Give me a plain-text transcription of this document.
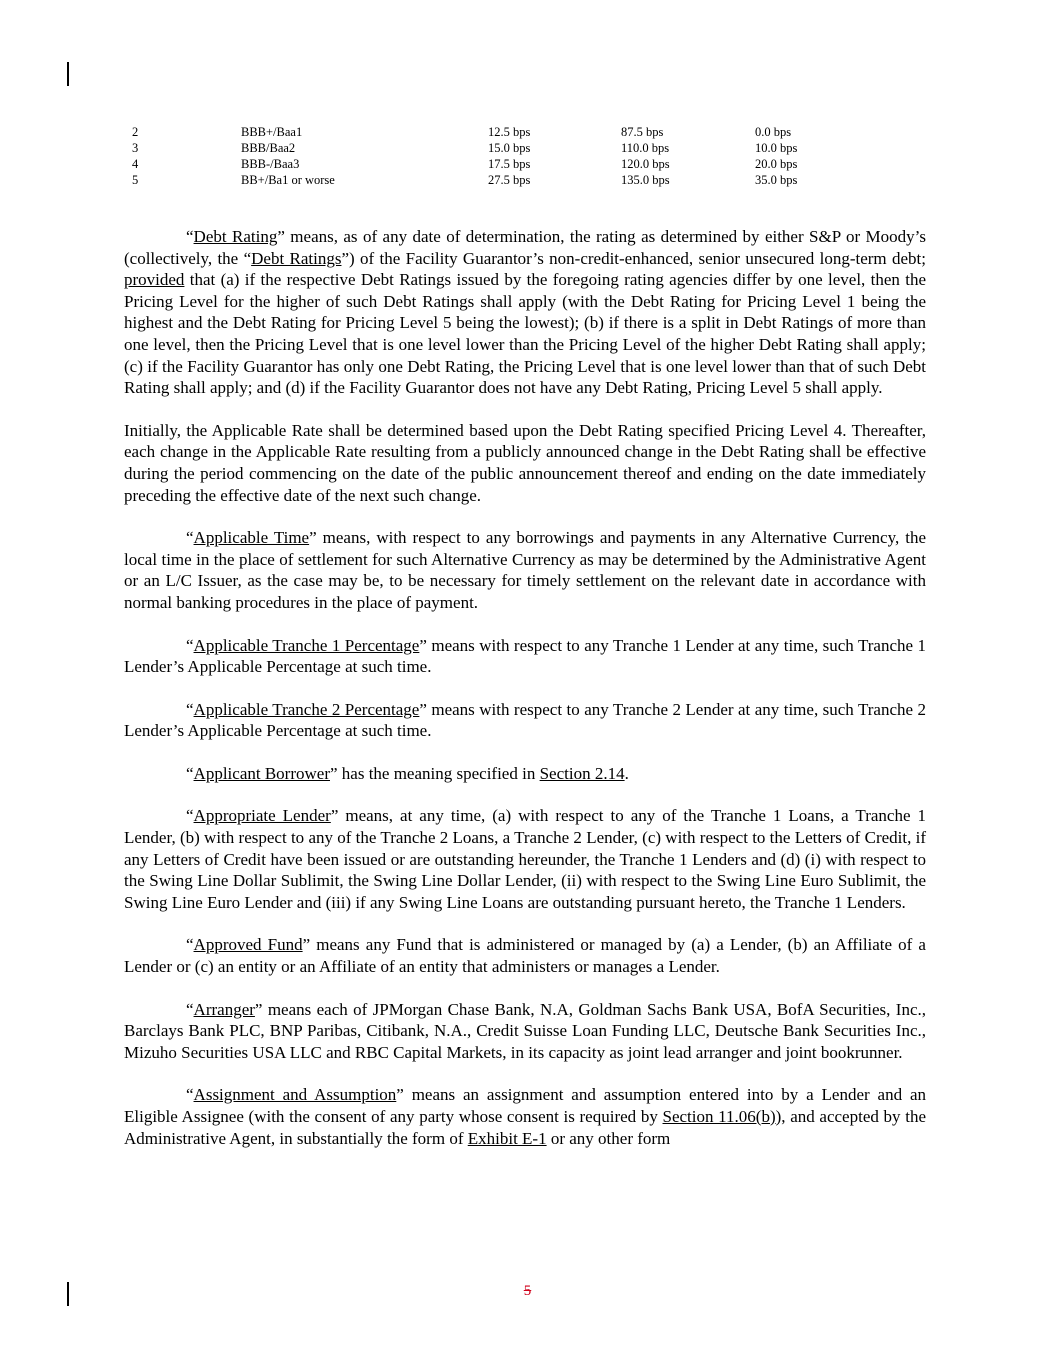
2	BBB+/Baa1	12.5 bps	87.5 bps	0.0 bps
3	BBB/Baa2	15.0 bps	110.0 bps	10.0 bps
4	BBB-/Baa3	17.5 bps	120.0 bps	20.0 bps
5	BB+/Ba1 or worse	27.5 bps	135.0 bps	35.0 bps

“Debt Rating” means, as of any date of determination, the rating as determined by either S&P or Moody’s (collectively, the “Debt Ratings”) of the Facility Guarantor’s non-credit-enhanced, senior unsecured long-term debt; provided that (a) if the respective Debt Ratings issued by the foregoing rating agencies differ by one level, then the Pricing Level for the higher of such Debt Ratings shall apply (with the Debt Rating for Pricing Level 1 being the highest and the Debt Rating for Pricing Level 5 being the lowest); (b) if there is a split in Debt Ratings of more than one level, then the Pricing Level that is one level lower than the Pricing Level of the higher Debt Rating shall apply; (c) if the Facility Guarantor has only one Debt Rating, the Pricing Level that is one level lower than that of such Debt Rating shall apply; and (d) if the Facility Guarantor does not have any Debt Rating, Pricing Level 5 shall apply.

Initially, the Applicable Rate shall be determined based upon the Debt Rating specified Pricing Level 4. Thereafter, each change in the Applicable Rate resulting from a publicly announced change in the Debt Rating shall be effective during the period commencing on the date of the public announcement thereof and ending on the date immediately preceding the effective date of the next such change.

“Applicable Time” means, with respect to any borrowings and payments in any Alternative Currency, the local time in the place of settlement for such Alternative Currency as may be determined by the Administrative Agent or an L/C Issuer, as the case may be, to be necessary for timely settlement on the relevant date in accordance with normal banking procedures in the place of payment.

“Applicable Tranche 1 Percentage” means with respect to any Tranche 1 Lender at any time, such Tranche 1 Lender’s Applicable Percentage at such time.

“Applicable Tranche 2 Percentage” means with respect to any Tranche 2 Lender at any time, such Tranche 2 Lender’s Applicable Percentage at such time.

“Applicant Borrower” has the meaning specified in Section 2.14.

“Appropriate Lender” means, at any time, (a) with respect to any of the Tranche 1 Loans, a Tranche 1 Lender, (b) with respect to any of the Tranche 2 Loans, a Tranche 2 Lender, (c) with respect to the Letters of Credit, if any Letters of Credit have been issued or are outstanding hereunder, the Tranche 1 Lenders and (d) (i) with respect to the Swing Line Dollar Sublimit, the Swing Line Dollar Lender, (ii) with respect to the Swing Line Euro Sublimit, the Swing Line Euro Lender and (iii) if any Swing Line Loans are outstanding pursuant hereto, the Tranche 1 Lenders.

“Approved Fund” means any Fund that is administered or managed by (a) a Lender, (b) an Affiliate of a Lender or (c) an entity or an Affiliate of an entity that administers or manages a Lender.

“Arranger” means each of JPMorgan Chase Bank, N.A, Goldman Sachs Bank USA, BofA Securities, Inc., Barclays Bank PLC, BNP Paribas, Citibank, N.A., Credit Suisse Loan Funding LLC, Deutsche Bank Securities Inc., Mizuho Securities USA LLC and RBC Capital Markets, in its capacity as joint lead arranger and joint bookrunner.

“Assignment and Assumption” means an assignment and assumption entered into by a Lender and an Eligible Assignee (with the consent of any party whose consent is required by Section 11.06(b)), and accepted by the Administrative Agent, in substantially the form of Exhibit E-1 or any other form

5
